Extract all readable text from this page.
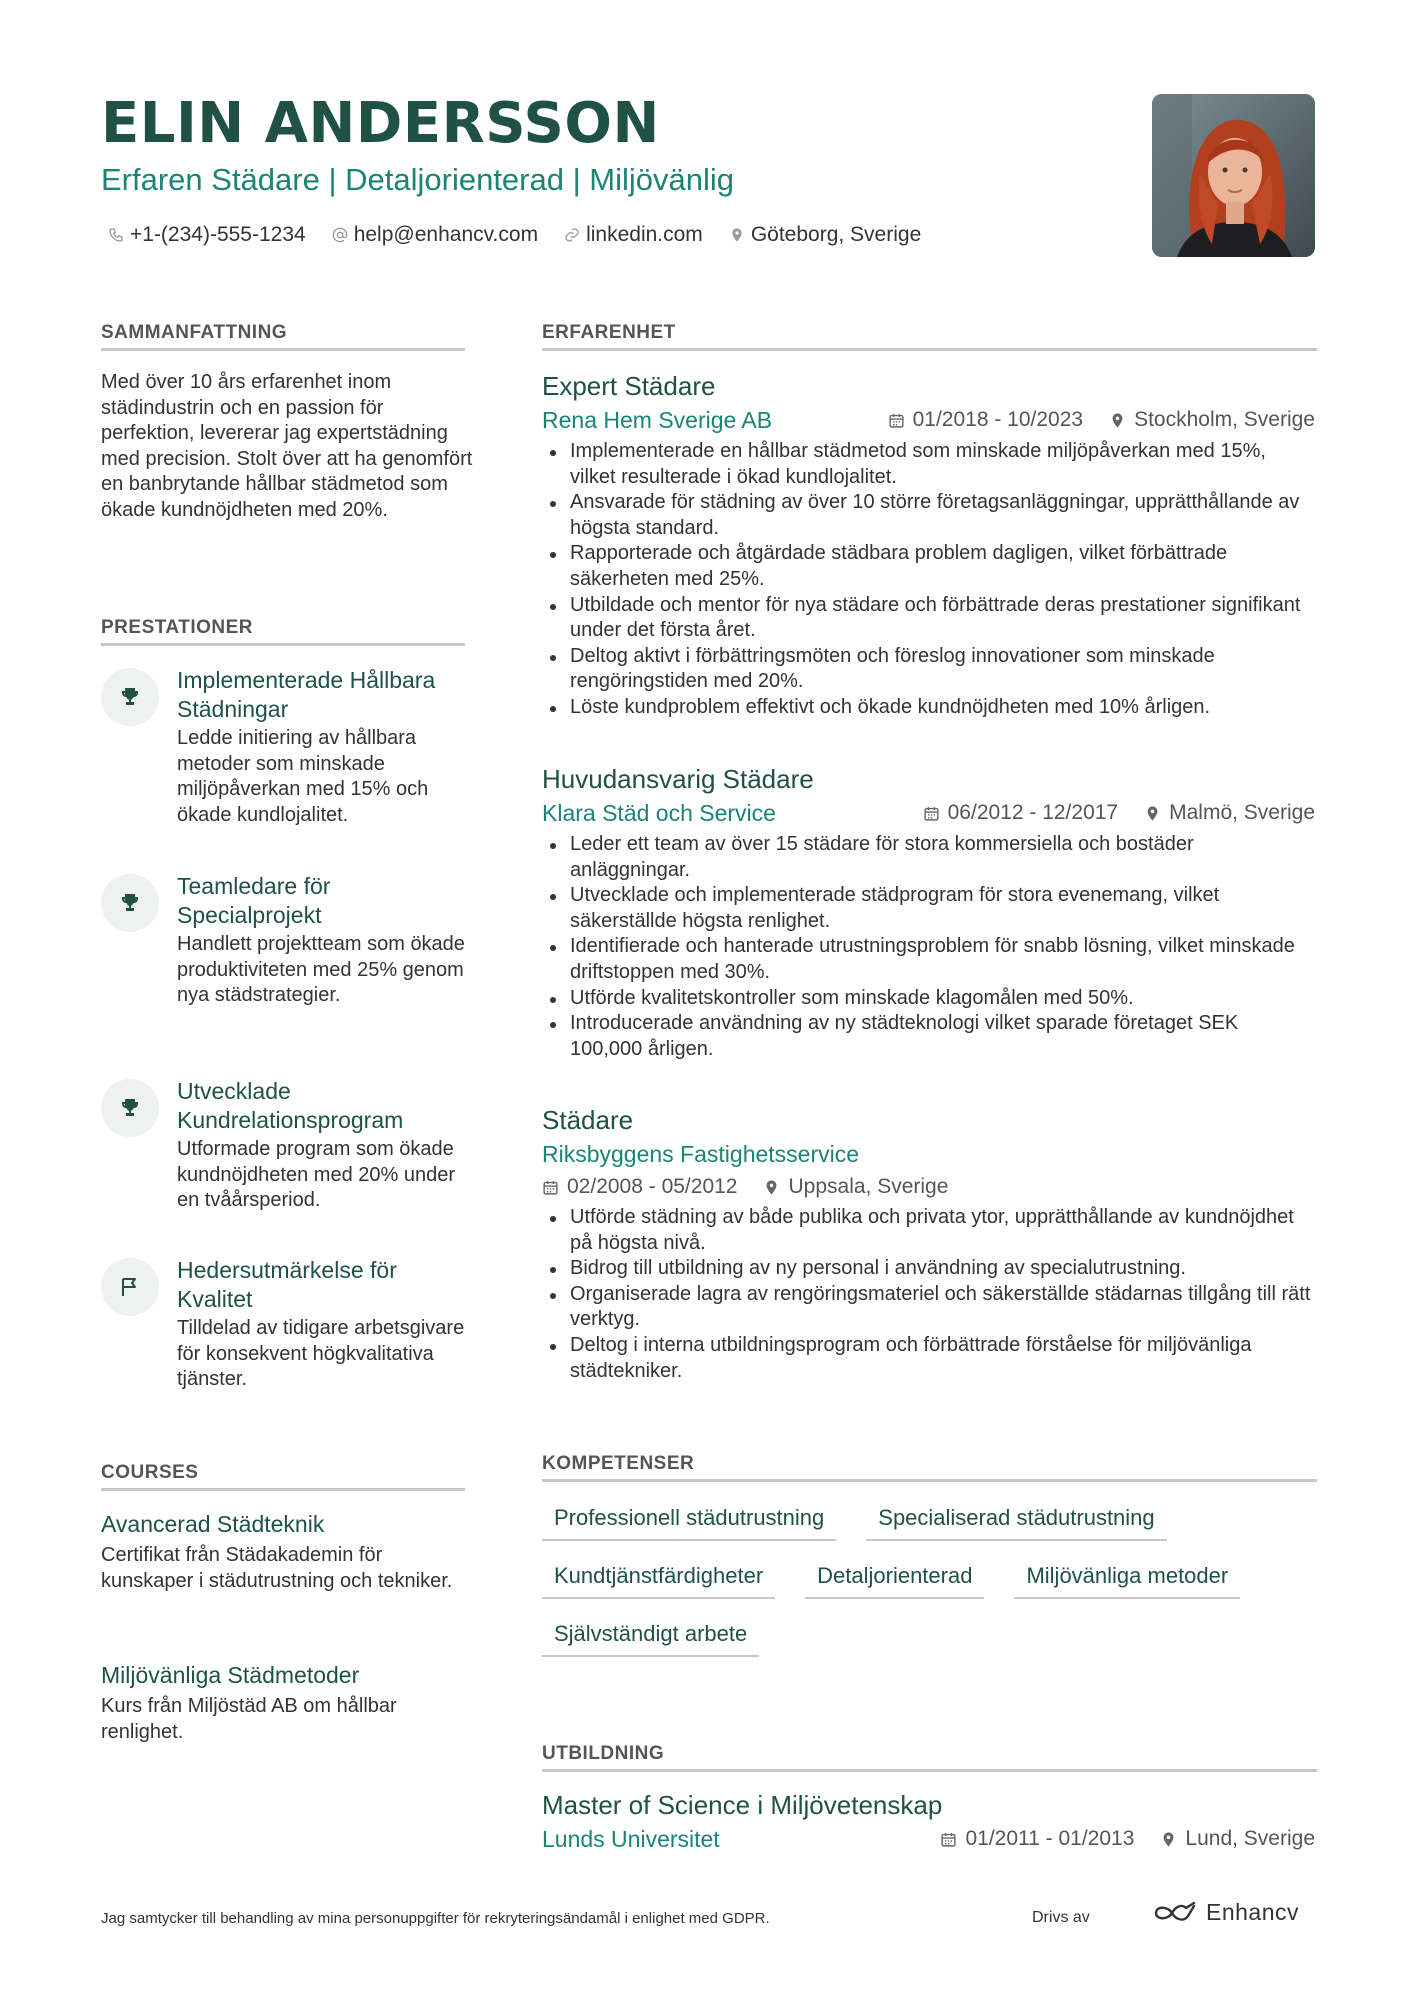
ELIN ANDERSSON

Erfaren Städare | Detaljorienterad | Miljövänlig

+1-(234)-555-1234 help@enhancv.com linkedin.com Göteborg, Sverige
SAMMANFATTNING

Med över 10 års erfarenhet inom städindustrin och en passion för perfektion, levererar jag expertstädning med precision. Stolt över att ha genomfört en banbrytande hållbar städmetod som ökade kundnöjdheten med 20%.

PRESTATIONER

Implementerade Hållbara Städningar

Ledde initiering av hållbara metoder som minskade miljöpåverkan med 15% och ökade kundlojalitet.

Teamledare för Specialprojekt

Handlett projektteam som ökade produktiviteten med 25% genom nya städstrategier.

Utvecklade Kundrelationsprogram

Utformade program som ökade kundnöjdheten med 20% under en tvåårsperiod.

Hedersutmärkelse för Kvalitet

Tilldelad av tidigare arbetsgivare för konsekvent högkvalitativa tjänster.

COURSES

Avancerad Städteknik

Certifikat från Städakademin för kunskaper i städutrustning och tekniker.

Miljövänliga Städmetoder

Kurs från Miljöstäd AB om hållbar renlighet.

ERFARENHET

Expert Städare

Rena Hem Sverige AB	01/2018 - 10/2023 Stockholm, Sverige
Implementerade en hållbar städmetod som minskade miljöpåverkan med 15%, vilket resulterade i ökad kundlojalitet.
Ansvarade för städning av över 10 större företagsanläggningar, upprätthållande av högsta standard.
Rapporterade och åtgärdade städbara problem dagligen, vilket förbättrade säkerheten med 25%.
Utbildade och mentor för nya städare och förbättrade deras prestationer signifikant under det första året.
Deltog aktivt i förbättringsmöten och föreslog innovationer som minskade rengöringstiden med 20%.
Löste kundproblem effektivt och ökade kundnöjdheten med 10% årligen.

Huvudansvarig Städare

Klara Städ och Service	06/2012 - 12/2017 Malmö, Sverige
Leder ett team av över 15 städare för stora kommersiella och bostäder anläggningar.
Utvecklade och implementerade städprogram för stora evenemang, vilket säkerställde högsta renlighet.
Identifierade och hanterade utrustningsproblem för snabb lösning, vilket minskade driftstoppen med 30%.
Utförde kvalitetskontroller som minskade klagomålen med 50%.
Introducerade användning av ny städteknologi vilket sparade företaget SEK 100,000 årligen.

Städare

Riksbyggens Fastighetsservice
02/2008 - 05/2012 Uppsala, Sverige
Utförde städning av både publika och privata ytor, upprätthållande av kundnöjdhet på högsta nivå.
Bidrog till utbildning av ny personal i användning av specialutrustning.
Organiserade lagra av rengöringsmateriel och säkerställde städarnas tillgång till rätt verktyg.
Deltog i interna utbildningsprogram och förbättrade förståelse för miljövänliga städtekniker.
KOMPETENSER
Professionell städutrustning	Specialiserad städutrustning
Kundtjänstfärdigheter	Detaljorienterad	Miljövänliga metoder
Självständigt arbete
UTBILDNING

Master of Science i Miljövetenskap

Lunds Universitet	01/2011 - 01/2013 Lund, Sverige
Jag samtycker till behandling av mina personuppgifter för rekryteringsändamål i enlighet med GDPR.	Drivs av	Enhancv
